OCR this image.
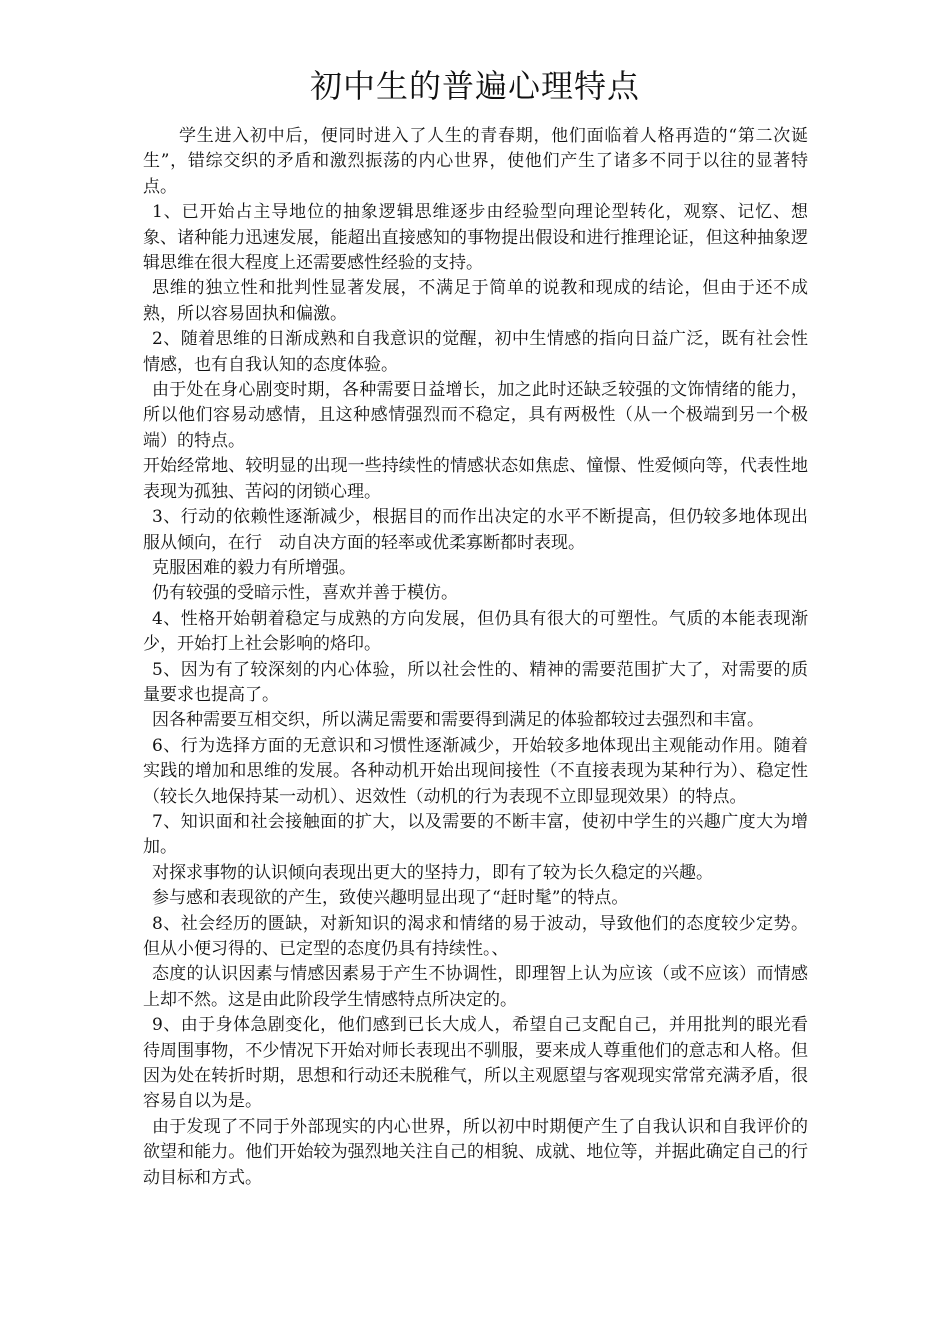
初中生的普遍心理特点

学生进入初中后，便同时进入了人生的青春期，他们面临着人格再造的“第二次诞生”，错综交织的矛盾和激烈振荡的内心世界，使他们产生了诸多不同于以往的显著特点。

1、已开始占主导地位的抽象逻辑思维逐步由经验型向理论型转化，观察、记忆、想象、诸种能力迅速发展，能超出直接感知的事物提出假设和进行推理论证，但这种抽象逻辑思维在很大程度上还需要感性经验的支持。

思维的独立性和批判性显著发展，不满足于简单的说教和现成的结论，但由于还不成熟，所以容易固执和偏激。

2、随着思维的日渐成熟和自我意识的觉醒，初中生情感的指向日益广泛，既有社会性情感，也有自我认知的态度体验。

由于处在身心剧变时期，各种需要日益增长，加之此时还缺乏较强的文饰情绪的能力，所以他们容易动感情，且这种感情强烈而不稳定，具有两极性（从一个极端到另一个极端）的特点。

开始经常地、较明显的出现一些持续性的情感状态如焦虑、憧憬、性爱倾向等，代表性地表现为孤独、苦闷的闭锁心理。

3、行动的依赖性逐渐减少，根据目的而作出决定的水平不断提高，但仍较多地体现出服从倾向，在行　动自决方面的轻率或优柔寡断都时表现。

克服困难的毅力有所增强。

仍有较强的受暗示性，喜欢并善于模仿。

4、性格开始朝着稳定与成熟的方向发展，但仍具有很大的可塑性。气质的本能表现渐少，开始打上社会影响的烙印。

5、因为有了较深刻的内心体验，所以社会性的、精神的需要范围扩大了，对需要的质量要求也提高了。

因各种需要互相交织，所以满足需要和需要得到满足的体验都较过去强烈和丰富。

6、行为选择方面的无意识和习惯性逐渐减少，开始较多地体现出主观能动作用。随着实践的增加和思维的发展。各种动机开始出现间接性（不直接表现为某种行为）、稳定性（较长久地保持某一动机）、迟效性（动机的行为表现不立即显现效果）的特点。

7、知识面和社会接触面的扩大，以及需要的不断丰富，使初中学生的兴趣广度大为增加。

对探求事物的认识倾向表现出更大的坚持力，即有了较为长久稳定的兴趣。

参与感和表现欲的产生，致使兴趣明显出现了“赶时髦”的特点。

8、社会经历的匮缺，对新知识的渴求和情绪的易于波动，导致他们的态度较少定势。但从小便习得的、已定型的态度仍具有持续性。、

态度的认识因素与情感因素易于产生不协调性，即理智上认为应该（或不应该）而情感上却不然。这是由此阶段学生情感特点所决定的。

9、由于身体急剧变化，他们感到已长大成人，希望自己支配自己，并用批判的眼光看待周围事物，不少情况下开始对师长表现出不驯服，要来成人尊重他们的意志和人格。但因为处在转折时期，思想和行动还未脱稚气，所以主观愿望与客观现实常常充满矛盾，很容易自以为是。

由于发现了不同于外部现实的内心世界，所以初中时期便产生了自我认识和自我评价的欲望和能力。他们开始较为强烈地关注自己的相貌、成就、地位等，并据此确定自己的行动目标和方式。
